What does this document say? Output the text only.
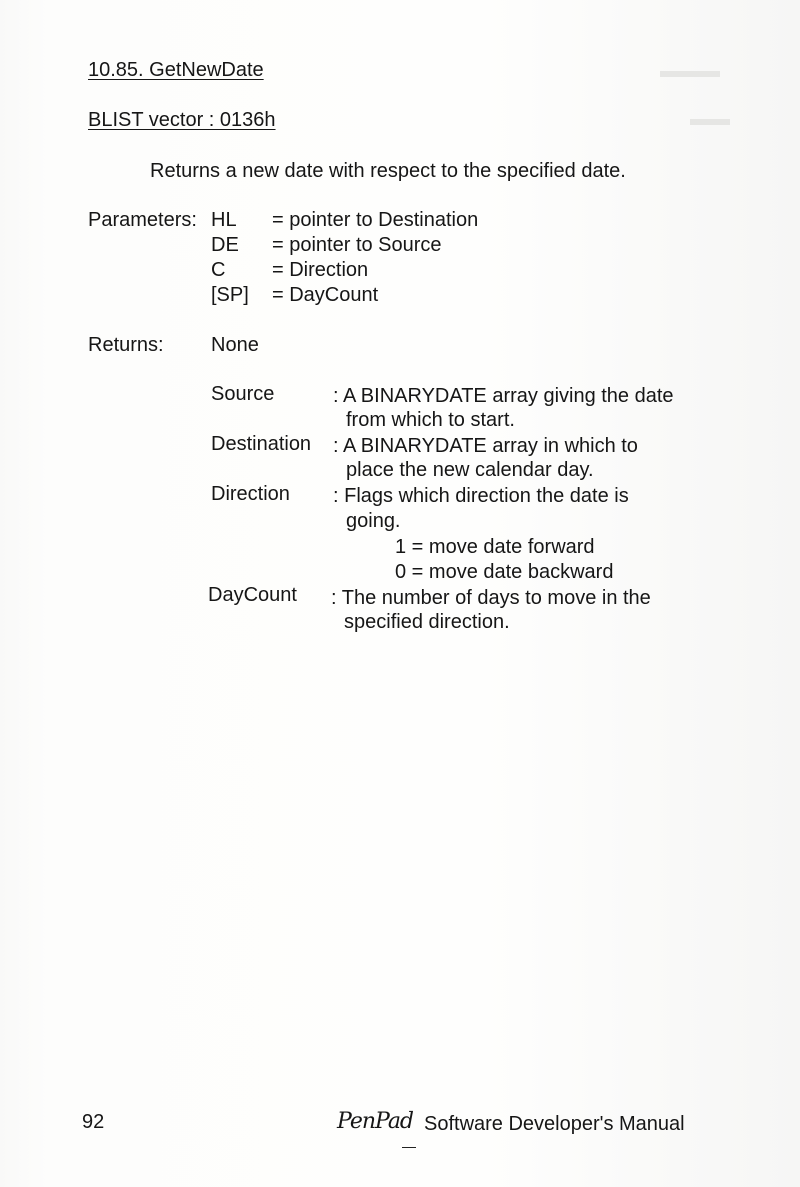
▬▬▬
▬▬
10.85. GetNewDate
BLIST vector : 0136h
Returns a new date with respect to the specified date.
Parameters: HL = pointer to Destination
DE = pointer to Source
C = Direction
[SP] = DayCount
Returns: None
Source	: A BINARYDATE array giving the date
from which to start.
Destination : A BINARYDATE array in which to
place the new calendar day.
Direction : Flags which direction the date is
going.
1 = move date forward
0 = move date backward
DayCount : The number of days to move in the
specified direction.
92	PenPad Software Developer's Manual
